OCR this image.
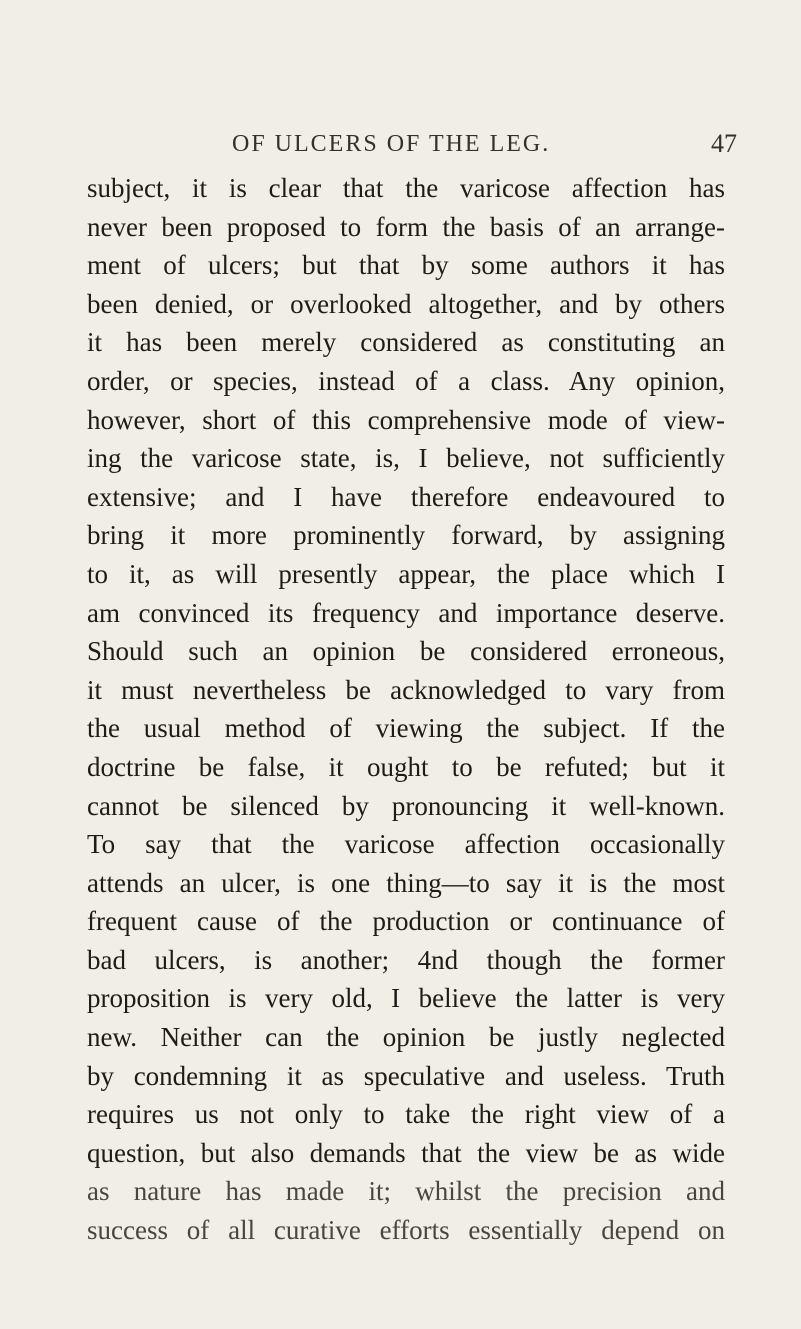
OF ULCERS OF THE LEG.	47
subject, it is clear that the varicose affection has
never been proposed to form the basis of an arrange-
ment of ulcers; but that by some authors it has
been denied, or overlooked altogether, and by others
it has been merely considered as constituting an
order, or species, instead of a class. Any opinion,
however, short of this comprehensive mode of view-
ing the varicose state, is, I believe, not sufficiently
extensive; and I have therefore endeavoured to
bring it more prominently forward, by assigning
to it, as will presently appear, the place which I
am convinced its frequency and importance deserve.
Should such an opinion be considered erroneous,
it must nevertheless be acknowledged to vary from
the usual method of viewing the subject. If the
doctrine be false, it ought to be refuted; but it
cannot be silenced by pronouncing it well-known.
To say that the varicose affection occasionally
attends an ulcer, is one thing—to say it is the most
frequent cause of the production or continuance of
bad ulcers, is another; 4nd though the former
proposition is very old, I believe the latter is very
new. Neither can the opinion be justly neglected
by condemning it as speculative and useless. Truth
requires us not only to take the right view of a
question, but also demands that the view be as wide
as nature has made it; whilst the precision and
success of all curative efforts essentially depend on
